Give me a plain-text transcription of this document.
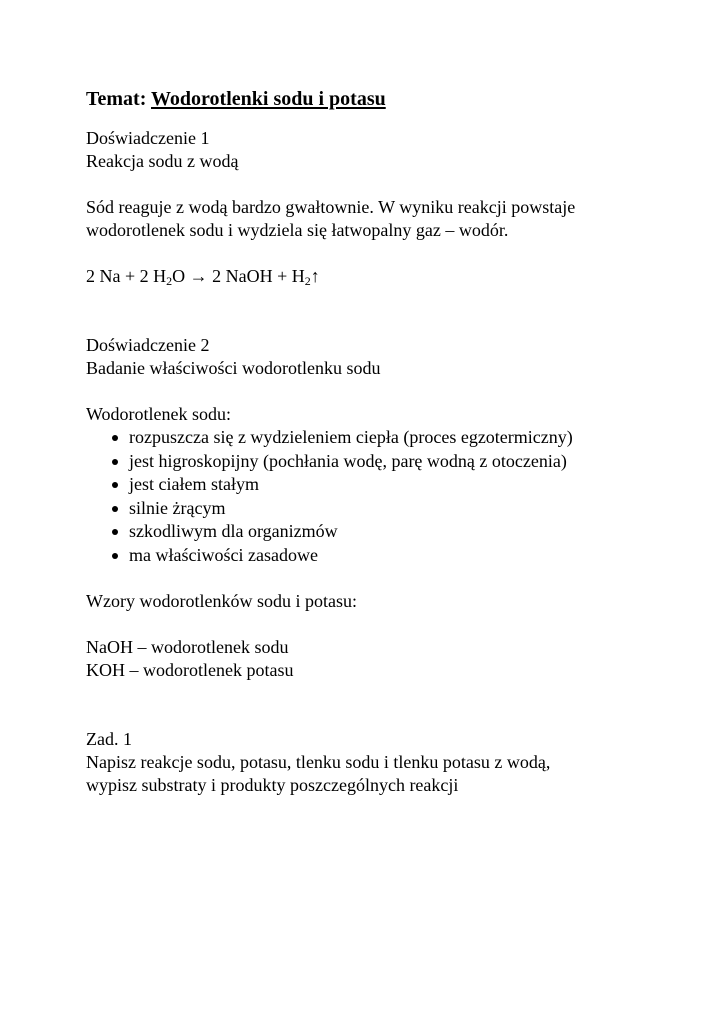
Temat: Wodorotlenki sodu i potasu
Doświadczenie 1
Reakcja sodu z wodą
Sód reaguje z wodą bardzo gwałtownie. W wyniku reakcji powstaje
wodorotlenek sodu i wydziela się łatwopalny gaz – wodór.
2 Na + 2 $H_2O \to 2$ NaOH + $H_2↑$
Doświadczenie 2
Badanie właściwości wodorotlenku sodu
Wodorotlenek sodu:
rozpuszcza się z wydzieleniem ciepła (proces egzotermiczny)
jest higroskopijny (pochłania wodę, parę wodną z otoczenia)
jest ciałem stałym
silnie żrącym
szkodliwym dla organizmów
ma właściwości zasadowe
Wzory wodorotlenków sodu i potasu:
NaOH – wodorotlenek sodu
KOH – wodorotlenek potasu
Zad. 1
Napisz reakcje sodu, potasu, tlenku sodu i tlenku potasu z wodą,
wypisz substraty i produkty poszczególnych reakcji
